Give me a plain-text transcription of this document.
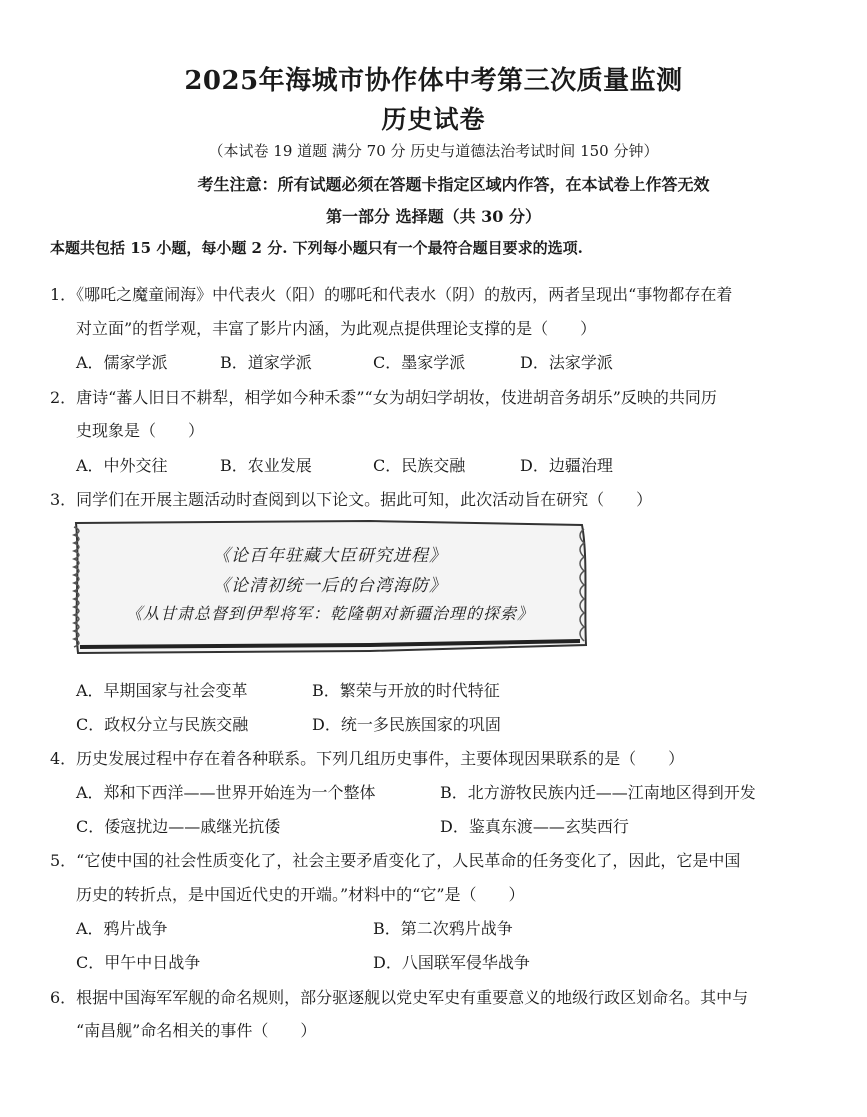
2025年海城市协作体中考第三次质量监测
历史试卷
（本试卷 19 道题 满分 70 分 历史与道德法治考试时间 150 分钟）
考生注意：所有试题必须在答题卡指定区域内作答，在本试卷上作答无效
第一部分 选择题（共 30 分）
本题共包括 15 小题，每小题 2 分. 下列每小题只有一个最符合题目要求的选项.
1．《哪吒之魔童闹海》中代表火（阳）的哪吒和代表水（阴）的敖丙，两者呈现出“事物都存在着
对立面”的哲学观，丰富了影片内涵，为此观点提供理论支撑的是（　　）
A．儒家学派	B．道家学派	C．墨家学派	D．法家学派
2．唐诗“蕃人旧日不耕犁，相学如今种禾黍”“女为胡妇学胡妆，伎进胡音务胡乐”反映的共同历
史现象是（　　）
A．中外交往	B．农业发展	C．民族交融	D．边疆治理
3．同学们在开展主题活动时查阅到以下论文。据此可知，此次活动旨在研究（　　）
《论百年驻藏大臣研究进程》
《论清初统一后的台湾海防》
《从甘肃总督到伊犁将军：乾隆朝对新疆治理的探索》
A．早期国家与社会变革	B．繁荣与开放的时代特征
C．政权分立与民族交融	D．统一多民族国家的巩固
4．历史发展过程中存在着各种联系。下列几组历史事件，主要体现因果联系的是（　　）
A．郑和下西洋——世界开始连为一个整体	B．北方游牧民族内迁——江南地区得到开发
C．倭寇扰边——戚继光抗倭	D．鉴真东渡——玄奘西行
5．“它使中国的社会性质变化了，社会主要矛盾变化了，人民革命的任务变化了，因此，它是中国
历史的转折点，是中国近代史的开端。”材料中的“它”是（　　）
A．鸦片战争	B．第二次鸦片战争
C．甲午中日战争	D．八国联军侵华战争
6．根据中国海军军舰的命名规则，部分驱逐舰以党史军史有重要意义的地级行政区划命名。其中与
“南昌舰”命名相关的事件（　　）
